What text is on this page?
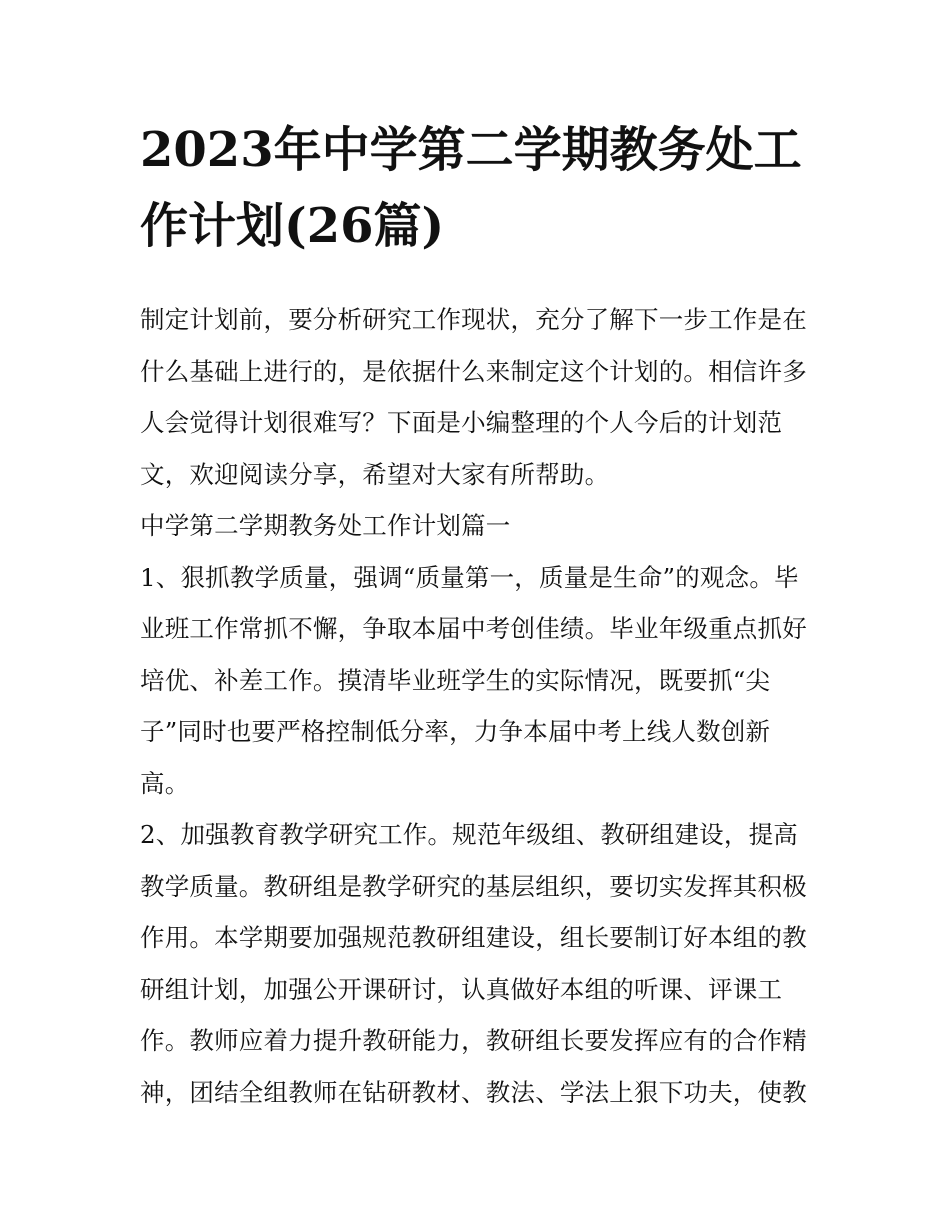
2023年中学第二学期教务处工
作计划(26篇)
制定计划前，要分析研究工作现状，充分了解下一步工作是在
什么基础上进行的，是依据什么来制定这个计划的。相信许多
人会觉得计划很难写？下面是小编整理的个人今后的计划范
文，欢迎阅读分享，希望对大家有所帮助。
中学第二学期教务处工作计划篇一
1、狠抓教学质量，强调“质量第一，质量是生命”的观念。毕
业班工作常抓不懈，争取本届中考创佳绩。毕业年级重点抓好
培优、补差工作。摸清毕业班学生的实际情况，既要抓“尖
子”同时也要严格控制低分率，力争本届中考上线人数创新
高。
2、加强教育教学研究工作。规范年级组、教研组建设，提高
教学质量。教研组是教学研究的基层组织，要切实发挥其积极
作用。本学期要加强规范教研组建设，组长要制订好本组的教
研组计划，加强公开课研讨，认真做好本组的听课、评课工
作。教师应着力提升教研能力，教研组长要发挥应有的合作精
神，团结全组教师在钻研教材、教法、学法上狠下功夫，使教
